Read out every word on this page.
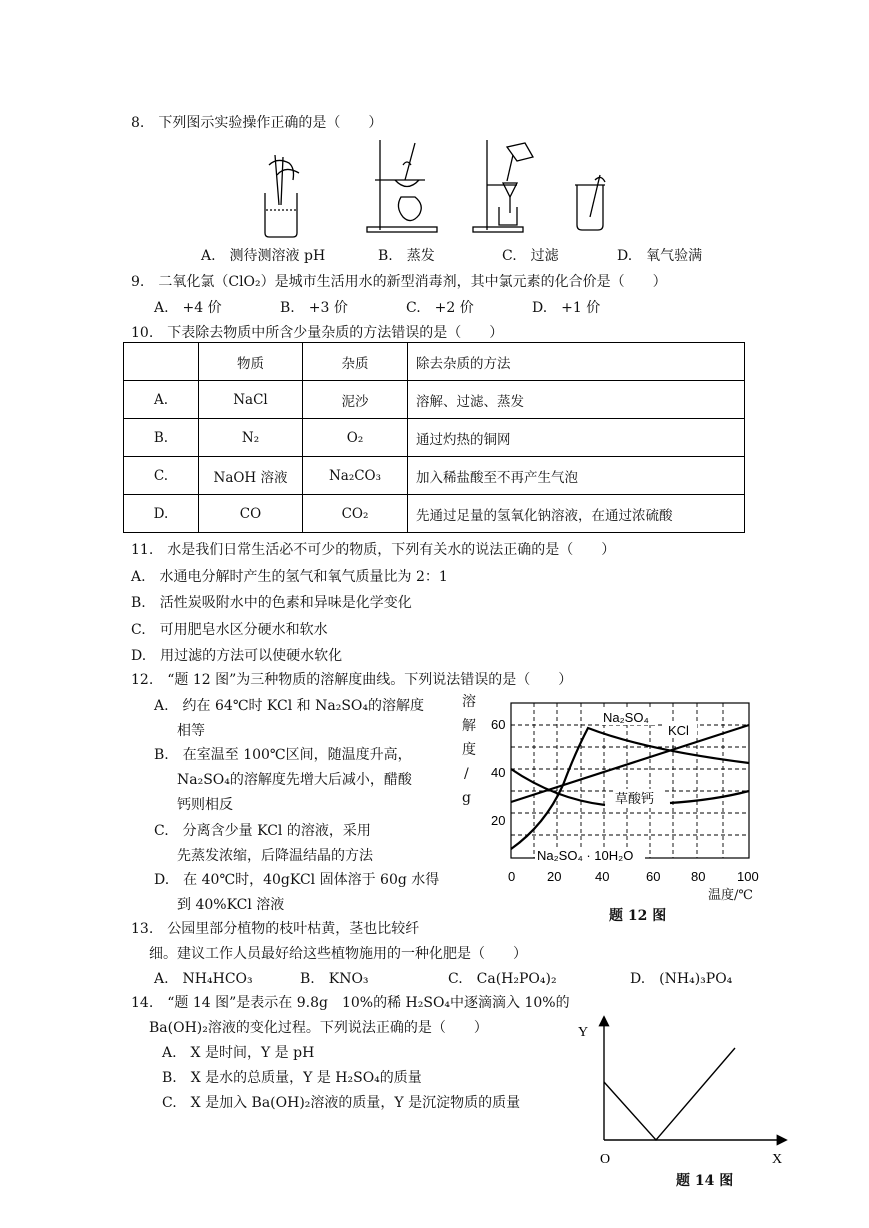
8.　下列图示实验操作正确的是（　　）
A.　测待测溶液 pH	B.　蒸发	C.　过滤	D.　氧气验满
9.　二氧化氯（ClO₂）是城市生活用水的新型消毒剂，其中氯元素的化合价是（　　）
A.　+4 价	B.　+3 价	C.　+2 价	D.　+1 价
10.　下表除去物质中所含少量杂质的方法错误的是（　　）
	物质	杂质	除去杂质的方法
A.	NaCl	泥沙	溶解、过滤、蒸发
B.	N₂	O₂	通过灼热的铜网
C.	NaOH 溶液	Na₂CO₃	加入稀盐酸至不再产生气泡
D.	CO	CO₂	先通过足量的氢氧化钠溶液，在通过浓硫酸
11.　水是我们日常生活必不可少的物质，下列有关水的说法正确的是（　　）
A.　水通电分解时产生的氢气和氧气质量比为 2：1
B.　活性炭吸附水中的色素和异味是化学变化
C.　可用肥皂水区分硬水和软水
D.　用过滤的方法可以使硬水软化
12.　“题 12 图”为三种物质的溶解度曲线。下列说法错误的是（　　）
A.　约在 64℃时 KCl 和 Na₂SO₄的溶解度
相等
B.　在室温至 100℃区间，随温度升高，
Na₂SO₄的溶解度先增大后减小，醋酸
钙则相反
C.　分离含少量 KCl 的溶液，采用
先蒸发浓缩，后降温结晶的方法
D.　在 40℃时，40gKCl 固体溶于 60g 水得
到 40%KCl 溶液
溶
解
度
/
g
60
40
20
0 20	40	60 80 100
Na₂SO₄
KCl
草酸钙
Na₂SO₄ · 10H₂O
温度/℃
题 12 图
13.　公园里部分植物的枝叶枯黄，茎也比较纤
细。建议工作人员最好给这些植物施用的一种化肥是（　　）
A.　NH₄HCO₃	B.　KNO₃	C.　Ca(H₂PO₄)₂	D.　(NH₄)₃PO₄
14.　“题 14 图”是表示在 9.8g　10%的稀 H₂SO₄中逐滴滴入 10%的
Ba(OH)₂溶液的变化过程。下列说法正确的是（　　）
A.　X 是时间，Y 是 pH
B.　X 是水的总质量，Y 是 H₂SO₄的质量
C.　X 是加入 Ba(OH)₂溶液的质量，Y 是沉淀物质的质量
Y
X
O
题 14 图
